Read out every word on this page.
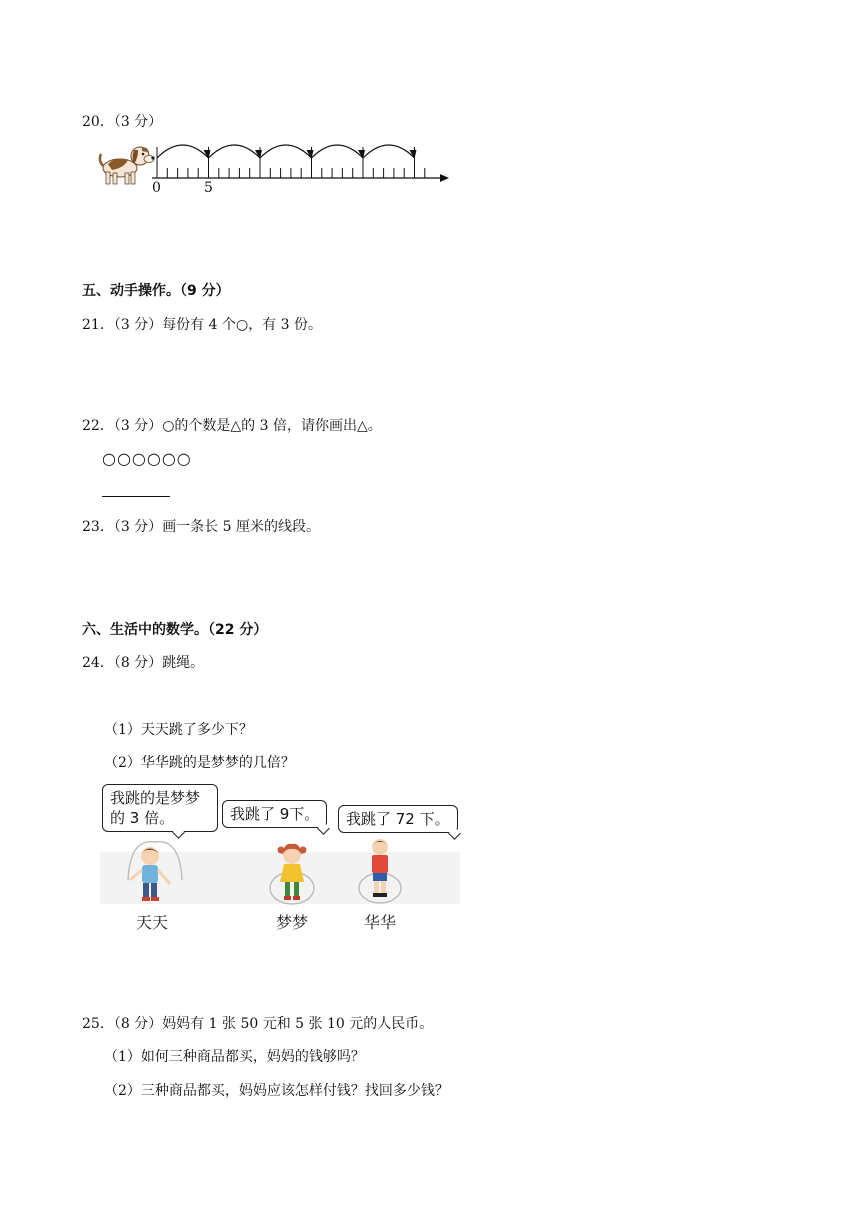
20．（3 分）
0	5
五、动手操作。（9 分）
21．（3 分）每份有 4 个○，有 3 份。
22．（3 分）○的个数是△的 3 倍，请你画出△。
○○○○○○
23．（3 分）画一条长 5 厘米的线段。
六、生活中的数学。（22 分）
24．（8 分）跳绳。
（1）天天跳了多少下？
（2）华华跳的是梦梦的几倍？
我跳的是梦梦的 3 倍。	我跳了 9下。	我跳了 72 下。
天天	梦梦	华华
25．（8 分）妈妈有 1 张 50 元和 5 张 10 元的人民币。
（1）如何三种商品都买，妈妈的钱够吗？
（2）三种商品都买，妈妈应该怎样付钱？找回多少钱？
